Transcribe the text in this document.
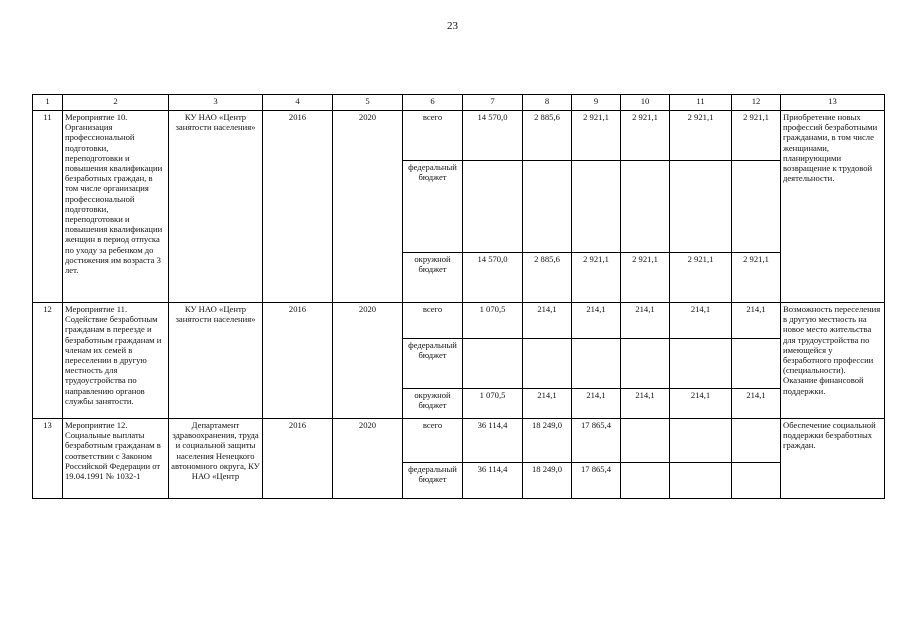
23
1	2	3	4	5	6	7	8	9	10	11	12	13
11	Мероприятие 10. Организация профессиональной подготовки, переподготовки и повышения квалификации безработных граждан, в том числе организация профессиональной подготовки, переподготовки и повышения квалификации женщин в период отпуска по уходу за ребенком до достижения им возраста 3 лет.	КУ НАО «Центр занятости населения»	2016	2020	всего	14 570,0	2 885,6	2 921,1	2 921,1	2 921,1	2 921,1	Приобретение новых профессий безработными гражданами, в том числе женщинами, планирующими возвращение к трудовой деятельности.
					федеральный бюджет							
					окружной бюджет	14 570,0	2 885,6	2 921,1	2 921,1	2 921,1	2 921,1	
12	Мероприятие 11. Содействие безработным гражданам в переезде и безработным гражданам и членам их семей в переселении в другую местность для трудоустройства по направлению органов службы занятости.	КУ НАО «Центр занятости населения»	2016	2020	всего	1 070,5	214,1	214,1	214,1	214,1	214,1	Возможность переселения в другую местность на новое место жительства для трудоустройства по имеющейся у безработного профессии (специальности). Оказание финансовой поддержки.
					федеральный бюджет							
					окружной бюджет	1 070,5	214,1	214,1	214,1	214,1	214,1	
13	Мероприятие 12. Социальные выплаты безработным гражданам в соответствии с Законом Российской Федерации от 19.04.1991 № 1032-1	Департамент здравоохранения, труда и социальной защиты населения Ненецкого автономного округа, КУ НАО «Центр	2016	2020	всего	36 114,4	18 249,0	17 865,4				Обеспечение социальной поддержки безработных граждан.
					федеральный бюджет	36 114,4	18 249,0	17 865,4				
